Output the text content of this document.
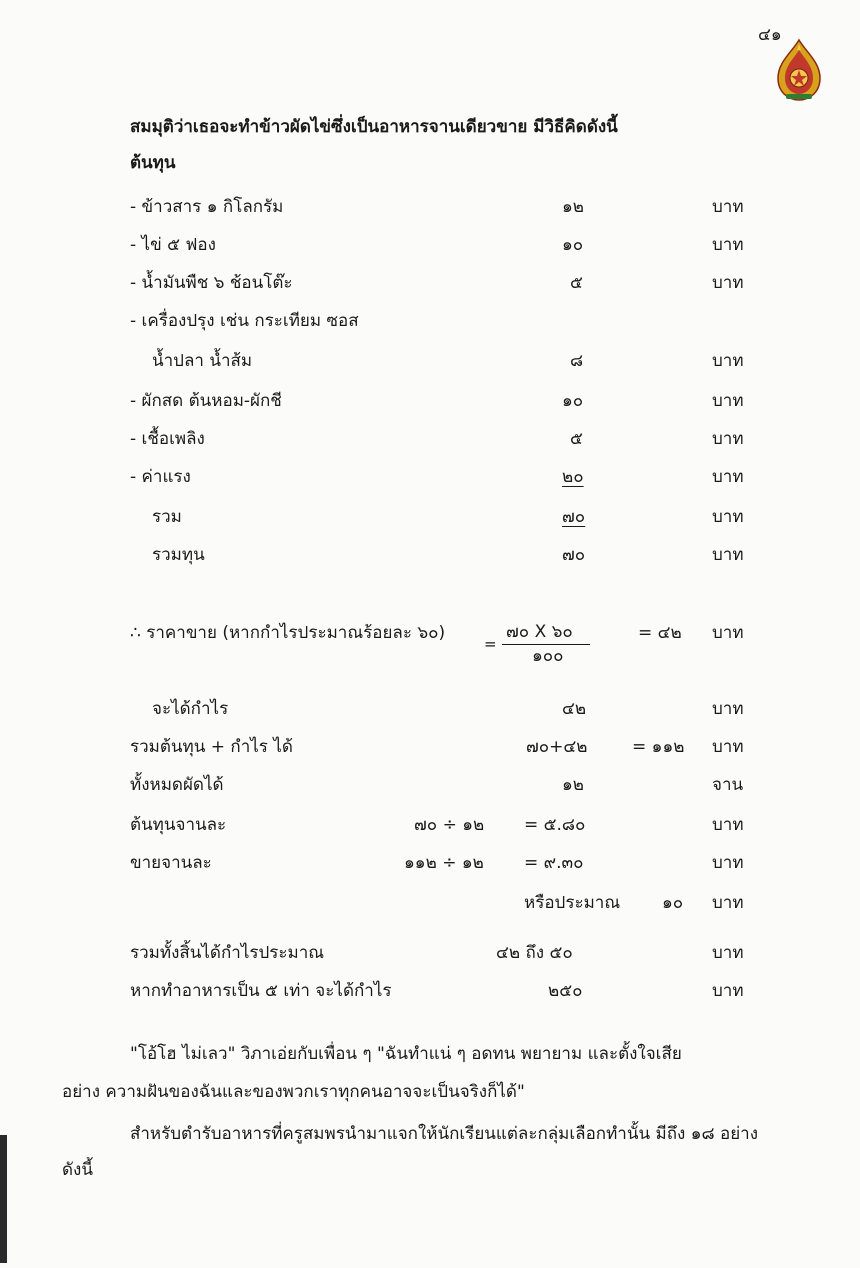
๔๑
สมมุติว่าเธอจะทำข้าวผัดไข่ซึ่งเป็นอาหารจานเดียวขาย มีวิธีคิดดังนี้
ต้นทุน
- ข้าวสาร ๑ กิโลกรัม	๑๒	บาท
- ไข่ ๕ ฟอง	๑๐	บาท
- น้ำมันพืช ๖ ช้อนโต๊ะ	๕	บาท
- เครื่องปรุง เช่น กระเทียม ซอส
น้ำปลา น้ำส้ม	๘	บาท
- ผักสด ต้นหอม-ผักชี	๑๐	บาท
- เชื้อเพลิง	๕	บาท
- ค่าแรง	๒๐	บาท
รวม	๗๐	บาท
รวมทุน	๗๐	บาท
∴ ราคาขาย (หากกำไรประมาณร้อยละ ๖๐)
=
๗๐ X ๖๐
๑๐๐
= ๔๒ บาท
จะได้กำไร	๔๒	บาท
รวมต้นทุน + กำไร ได้	๗๐+๔๒	= ๑๑๒ บาท
ทั้งหมดผัดได้	๑๒	จาน
ต้นทุนจานละ	๗๐ ÷ ๑๒ = ๕.๘๐	บาท
ขายจานละ	๑๑๒ ÷ ๑๒ = ๙.๓๐	บาท
หรือประมาณ ๑๐ บาท
รวมทั้งสิ้นได้กำไรประมาณ	๔๒ ถึง ๕๐	บาท
หากทำอาหารเป็น ๕ เท่า จะได้กำไร	๒๕๐	บาท
"โอ้โฮ ไม่เลว" วิภาเอ่ยกับเพื่อน ๆ "ฉันทำแน่ ๆ อดทน พยายาม และตั้งใจเสีย
อย่าง ความฝันของฉันและของพวกเราทุกคนอาจจะเป็นจริงก็ได้"
สำหรับตำรับอาหารที่ครูสมพรนำมาแจกให้นักเรียนแต่ละกลุ่มเลือกทำนั้น มีถึง ๑๘ อย่าง
ดังนี้
